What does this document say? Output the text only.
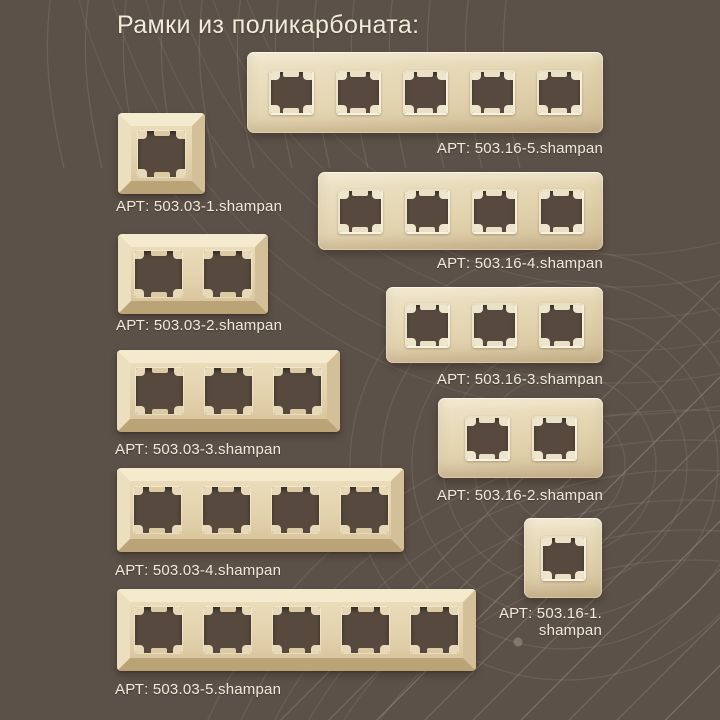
Рамки из поликарбоната:
АРТ: 503.03-1.shampan
АРТ: 503.03-2.shampan
АРТ: 503.03-3.shampan
АРТ: 503.03-4.shampan
АРТ: 503.03-5.shampan
АРТ: 503.16-5.shampan
АРТ: 503.16-4.shampan
АРТ: 503.16-3.shampan
АРТ: 503.16-2.shampan
АРТ: 503.16-1.
shampan
